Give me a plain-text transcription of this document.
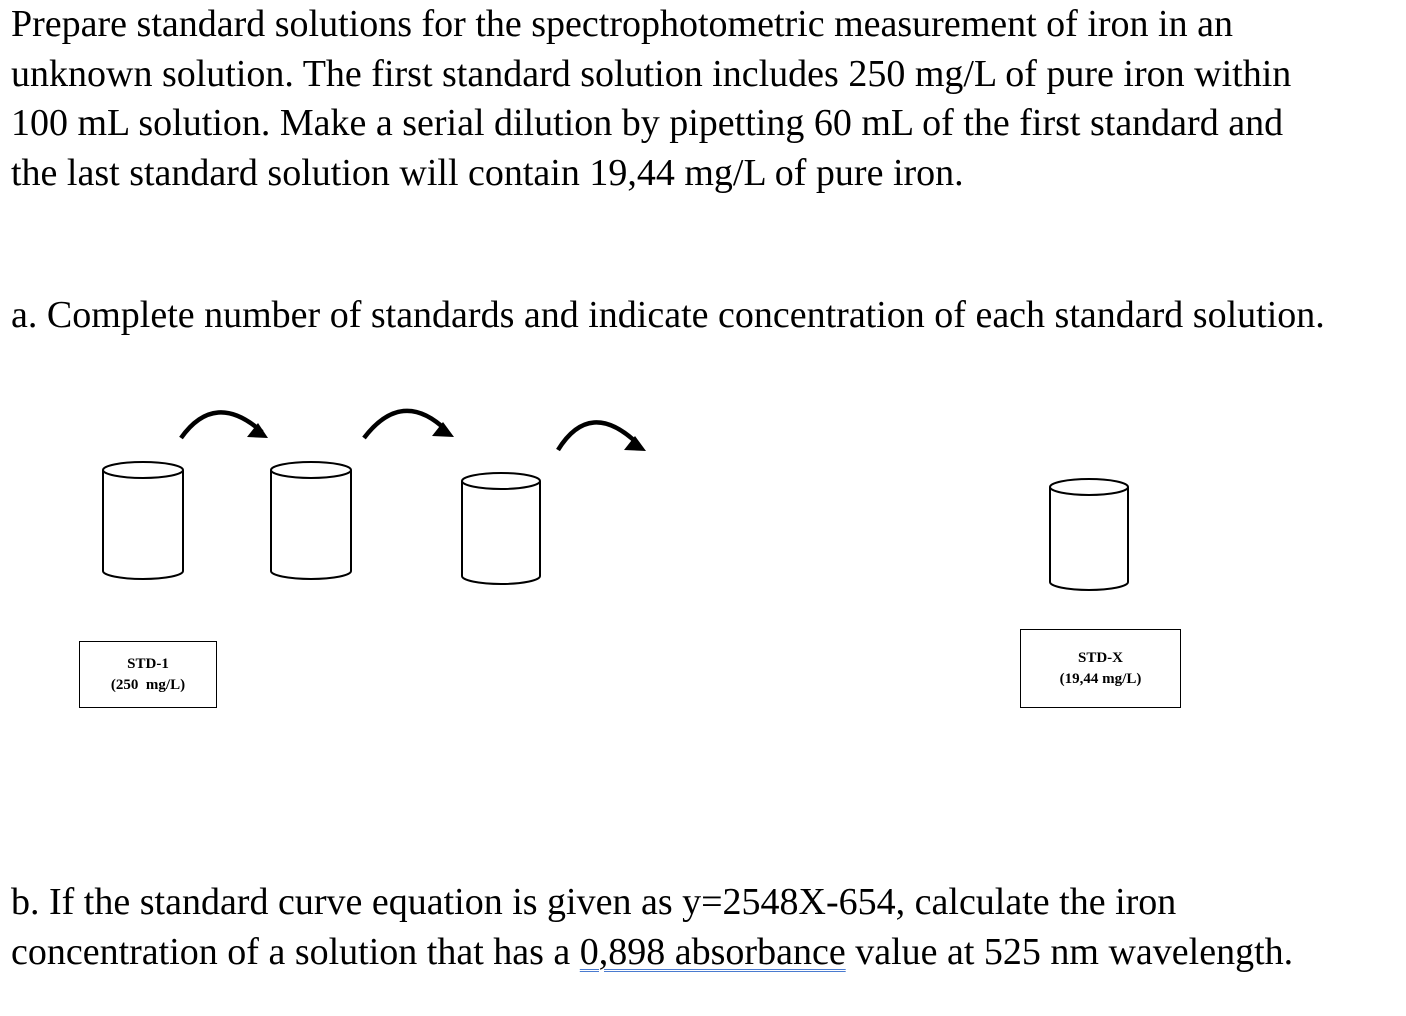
Prepare standard solutions for the spectrophotometric measurement of iron in an
unknown solution. The first standard solution includes 250 mg/L of pure iron within
100 mL solution. Make a serial dilution by pipetting 60 mL of the first standard and
the last standard solution will contain 19,44 mg/L of pure iron.
a. Complete number of standards and indicate concentration of each standard solution.
STD-1
(250  mg/L)
STD-X
(19,44 mg/L)
b. If the standard curve equation is given as y=2548X-654, calculate the iron
concentration of a solution that has a 0,898 absorbance value at 525 nm wavelength.
